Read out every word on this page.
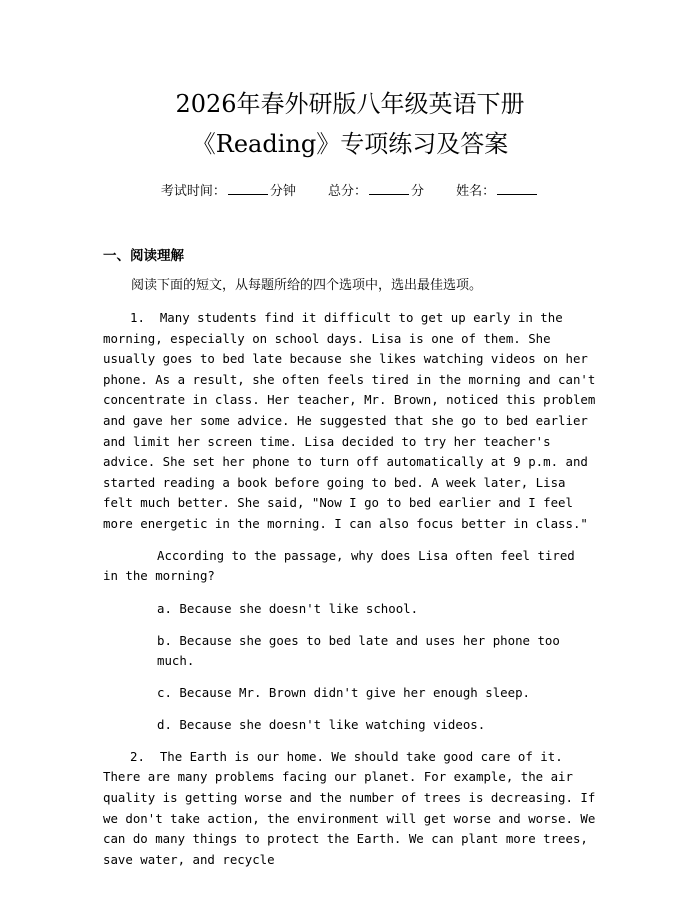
2026年春外研版八年级英语下册
《Reading》专项练习及答案
考试时间：	分钟 总分：	分 姓名：
一、阅读理解
阅读下面的短文，从每题所给的四个选项中，选出最佳选项。
1. Many students find it difficult to get up early in the morning, especially on school days. Lisa is one of them. She usually goes to bed late because she likes watching videos on her phone. As a result, she often feels tired in the morning and can't concentrate in class. Her teacher, Mr. Brown, noticed this problem and gave her some advice. He suggested that she go to bed earlier and limit her screen time. Lisa decided to try her teacher's advice. She set her phone to turn off automatically at 9 p.m. and started reading a book before going to bed. A week later, Lisa felt much better. She said, "Now I go to bed earlier and I feel more energetic in the morning. I can also focus better in class."
According to the passage, why does Lisa often feel tired in the morning?
a. Because she doesn't like school.
b. Because she goes to bed late and uses her phone too much.
c. Because Mr. Brown didn't give her enough sleep.
d. Because she doesn't like watching videos.
2. The Earth is our home. We should take good care of it. There are many problems facing our planet. For example, the air quality is getting worse and the number of trees is decreasing. If we don't take action, the environment will get worse and worse. We can do many things to protect the Earth. We can plant more trees, save water, and recycle
